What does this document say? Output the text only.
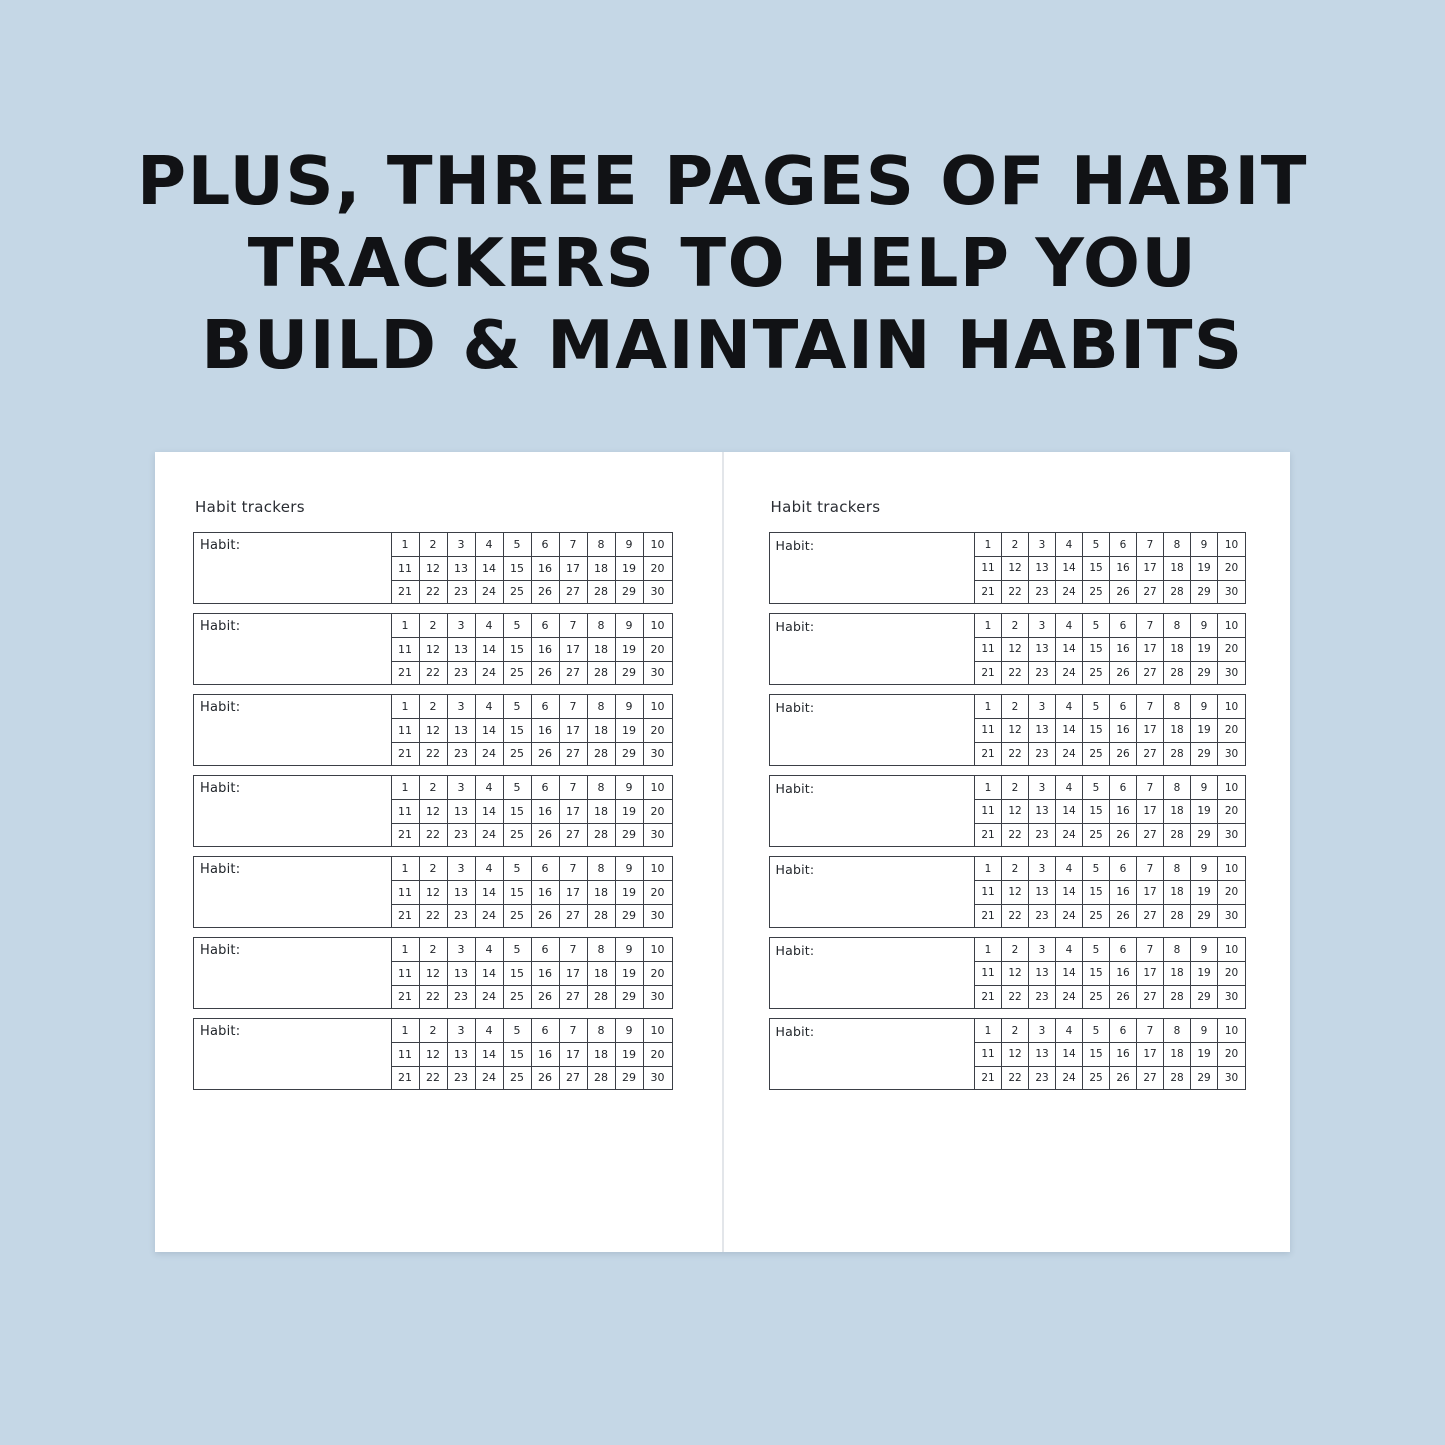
PLUS, THREE PAGES OF HABIT
TRACKERS TO HELP YOU
BUILD & MAINTAIN HABITS
Habit trackers
Habit:	1	2	3	4	5	6	7	8	9	10
11	12	13	14	15	16	17	18	19	20
21	22	23	24	25	26	27	28	29	30
Habit:	1	2	3	4	5	6	7	8	9	10
11	12	13	14	15	16	17	18	19	20
21	22	23	24	25	26	27	28	29	30
Habit:	1	2	3	4	5	6	7	8	9	10
11	12	13	14	15	16	17	18	19	20
21	22	23	24	25	26	27	28	29	30
Habit:	1	2	3	4	5	6	7	8	9	10
11	12	13	14	15	16	17	18	19	20
21	22	23	24	25	26	27	28	29	30
Habit:	1	2	3	4	5	6	7	8	9	10
11	12	13	14	15	16	17	18	19	20
21	22	23	24	25	26	27	28	29	30
Habit:	1	2	3	4	5	6	7	8	9	10
11	12	13	14	15	16	17	18	19	20
21	22	23	24	25	26	27	28	29	30
Habit:	1	2	3	4	5	6	7	8	9	10
11	12	13	14	15	16	17	18	19	20
21	22	23	24	25	26	27	28	29	30
Habit trackers
Habit:	1	2	3	4	5	6	7	8	9	10
11	12	13	14	15	16	17	18	19	20
21	22	23	24	25	26	27	28	29	30
Habit:	1	2	3	4	5	6	7	8	9	10
11	12	13	14	15	16	17	18	19	20
21	22	23	24	25	26	27	28	29	30
Habit:	1	2	3	4	5	6	7	8	9	10
11	12	13	14	15	16	17	18	19	20
21	22	23	24	25	26	27	28	29	30
Habit:	1	2	3	4	5	6	7	8	9	10
11	12	13	14	15	16	17	18	19	20
21	22	23	24	25	26	27	28	29	30
Habit:	1	2	3	4	5	6	7	8	9	10
11	12	13	14	15	16	17	18	19	20
21	22	23	24	25	26	27	28	29	30
Habit:	1	2	3	4	5	6	7	8	9	10
11	12	13	14	15	16	17	18	19	20
21	22	23	24	25	26	27	28	29	30
Habit:	1	2	3	4	5	6	7	8	9	10
11	12	13	14	15	16	17	18	19	20
21	22	23	24	25	26	27	28	29	30
